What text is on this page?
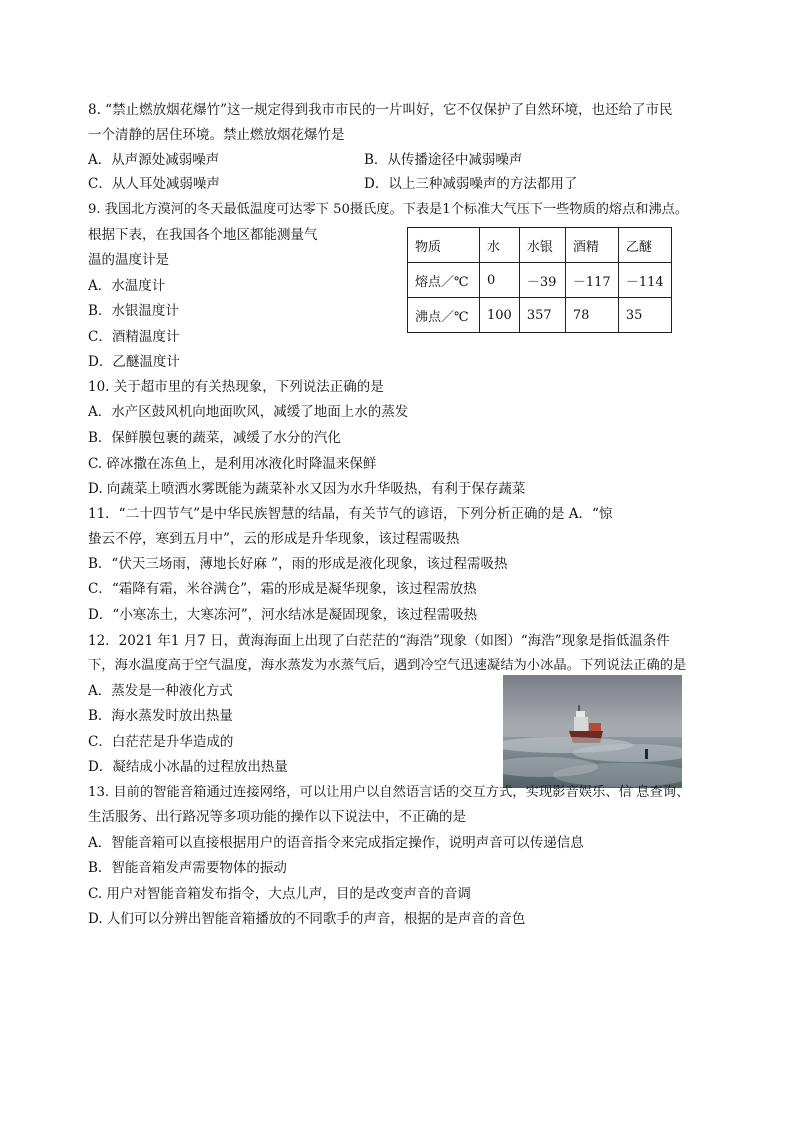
8. “禁止燃放烟花爆竹”这一规定得到我市市民的一片叫好，它不仅保护了自然环境，也还给了市民
一个清静的居住环境。禁止燃放烟花爆竹是
A．从声源处减弱噪声	B．从传播途径中减弱噪声
C．从人耳处减弱噪声	D．以上三种减弱噪声的方法都用了
9. 我国北方漠河的冬天最低温度可达零下 50摄氏度。下表是1个标准大气压下一些物质的熔点和沸点。
根据下表，在我国各个地区都能测量气
温的温度计是
A．水温度计
B．水银温度计
C．酒精温度计
D．乙醚温度计
物质	水	水银	酒精	乙醚
熔点／℃	0	－39	－117	－114
沸点／℃	100	357	78	35
10. 关于超市里的有关热现象，下列说法正确的是
A．水产区鼓风机向地面吹风，减缓了地面上水的蒸发
B．保鲜膜包裹的蔬菜，减缓了水分的汽化
C. 碎冰撒在冻鱼上，是利用冰液化时降温来保鲜
D. 向蔬菜上喷洒水雾既能为蔬菜补水又因为水升华吸热，有利于保存蔬菜
11．“二十四节气”是中华民族智慧的结晶，有关节气的谚语，下列分析正确的是 A．“惊
蛰云不停，寒到五月中”，云的形成是升华现象，该过程需吸热
B．“伏天三场雨，薄地长好麻 ”，雨的形成是液化现象，该过程需吸热
C．“霜降有霜，米谷满仓”，霜的形成是凝华现象，该过程需放热
D．“小寒冻土，大寒冻河”，河水结冰是凝固现象，该过程需吸热
12．2021 年1 月7 日，黄海海面上出现了白茫茫的“海浩”现象（如图）“海浩”现象是指低温条件
下，海水温度高于空气温度，海水蒸发为水蒸气后，遇到冷空气迅速凝结为小冰晶。下列说法正确的是
A．蒸发是一种液化方式
B．海水蒸发时放出热量
C．白茫茫是升华造成的
D．凝结成小冰晶的过程放出热量
13. 目前的智能音箱通过连接网络，可以让用户以自然语言话的交互方式，实现影音娱乐、信 息查询、
生活服务、出行路况等多项功能的操作以下说法中，不正确的是
A．智能音箱可以直接根据用户的语音指令来完成指定操作，说明声音可以传递信息
B．智能音箱发声需要物体的振动
C. 用户对智能音箱发布指令，大点儿声，目的是改变声音的音调
D. 人们可以分辨出智能音箱播放的不同歌手的声音，根据的是声音的音色
